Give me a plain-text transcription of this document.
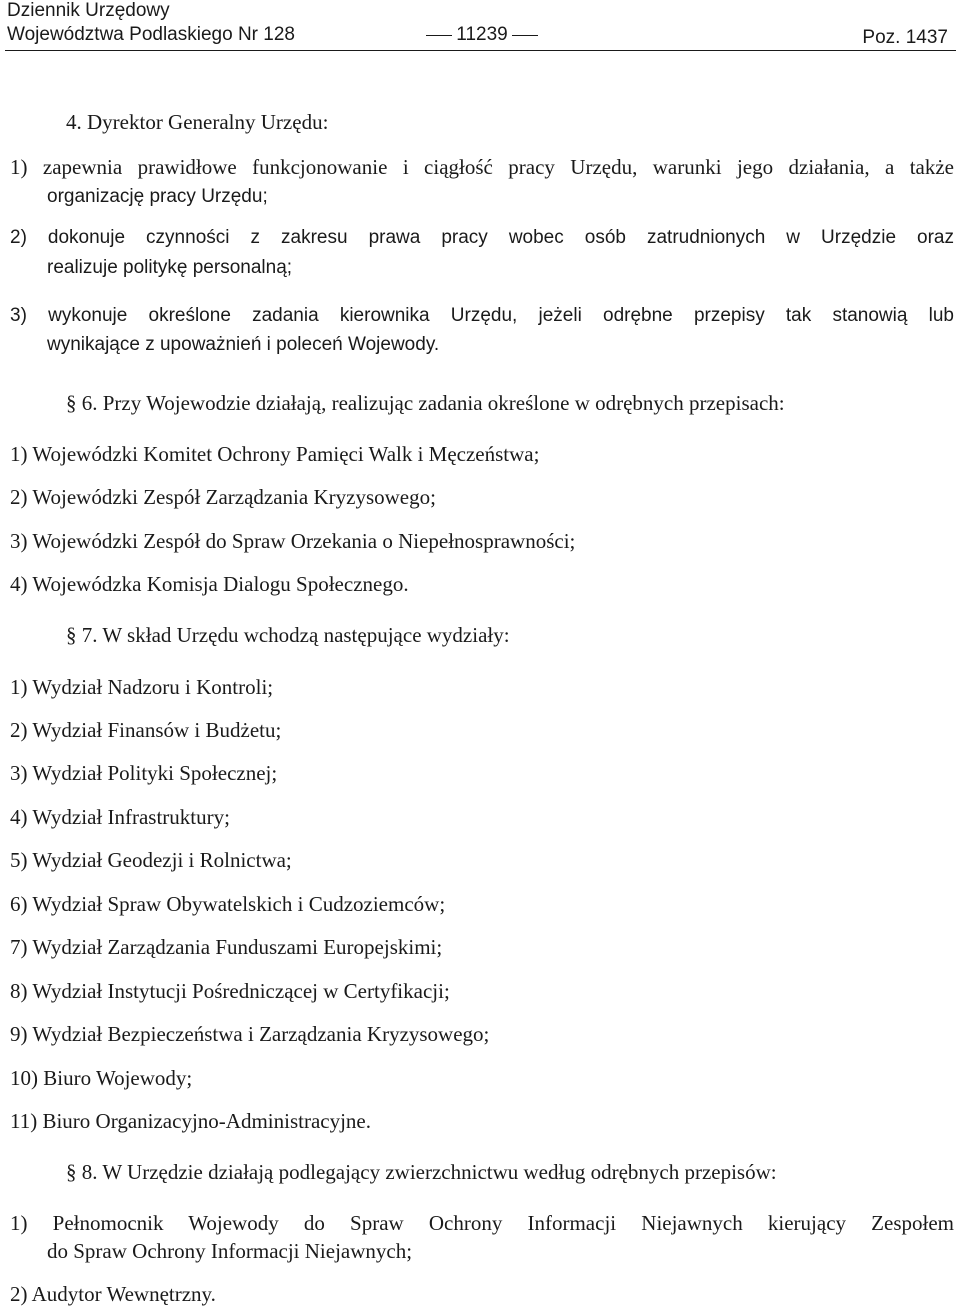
Dziennik Urzędowy
Województwa Podlaskiego Nr 128	11239	Poz. 1437
4. Dyrektor Generalny Urzędu:
1) zapewnia prawidłowe funkcjonowanie i ciągłość pracy Urzędu, warunki jego działania, a także
organizację pracy Urzędu;
2) dokonuje czynności z zakresu prawa pracy wobec osób zatrudnionych w Urzędzie oraz
realizuje politykę personalną;
3) wykonuje określone zadania kierownika Urzędu, jeżeli odrębne przepisy tak stanowią lub
wynikające z upoważnień i poleceń Wojewody.
§ 6. Przy Wojewodzie działają, realizując zadania określone w odrębnych przepisach:
1) Wojewódzki Komitet Ochrony Pamięci Walk i Męczeństwa;
2) Wojewódzki Zespół Zarządzania Kryzysowego;
3) Wojewódzki Zespół do Spraw Orzekania o Niepełnosprawności;
4) Wojewódzka Komisja Dialogu Społecznego.
§ 7. W skład Urzędu wchodzą następujące wydziały:
1) Wydział Nadzoru i Kontroli;
2) Wydział Finansów i Budżetu;
3) Wydział Polityki Społecznej;
4) Wydział Infrastruktury;
5) Wydział Geodezji i Rolnictwa;
6) Wydział Spraw Obywatelskich i Cudzoziemców;
7) Wydział Zarządzania Funduszami Europejskimi;
8) Wydział Instytucji Pośredniczącej w Certyfikacji;
9) Wydział Bezpieczeństwa i Zarządzania Kryzysowego;
10) Biuro Wojewody;
11) Biuro Organizacyjno-Administracyjne.
§ 8. W Urzędzie działają podlegający zwierzchnictwu według odrębnych przepisów:
1) Pełnomocnik Wojewody do Spraw Ochrony Informacji Niejawnych kierujący Zespołem
do Spraw Ochrony Informacji Niejawnych;
2) Audytor Wewnętrzny.
